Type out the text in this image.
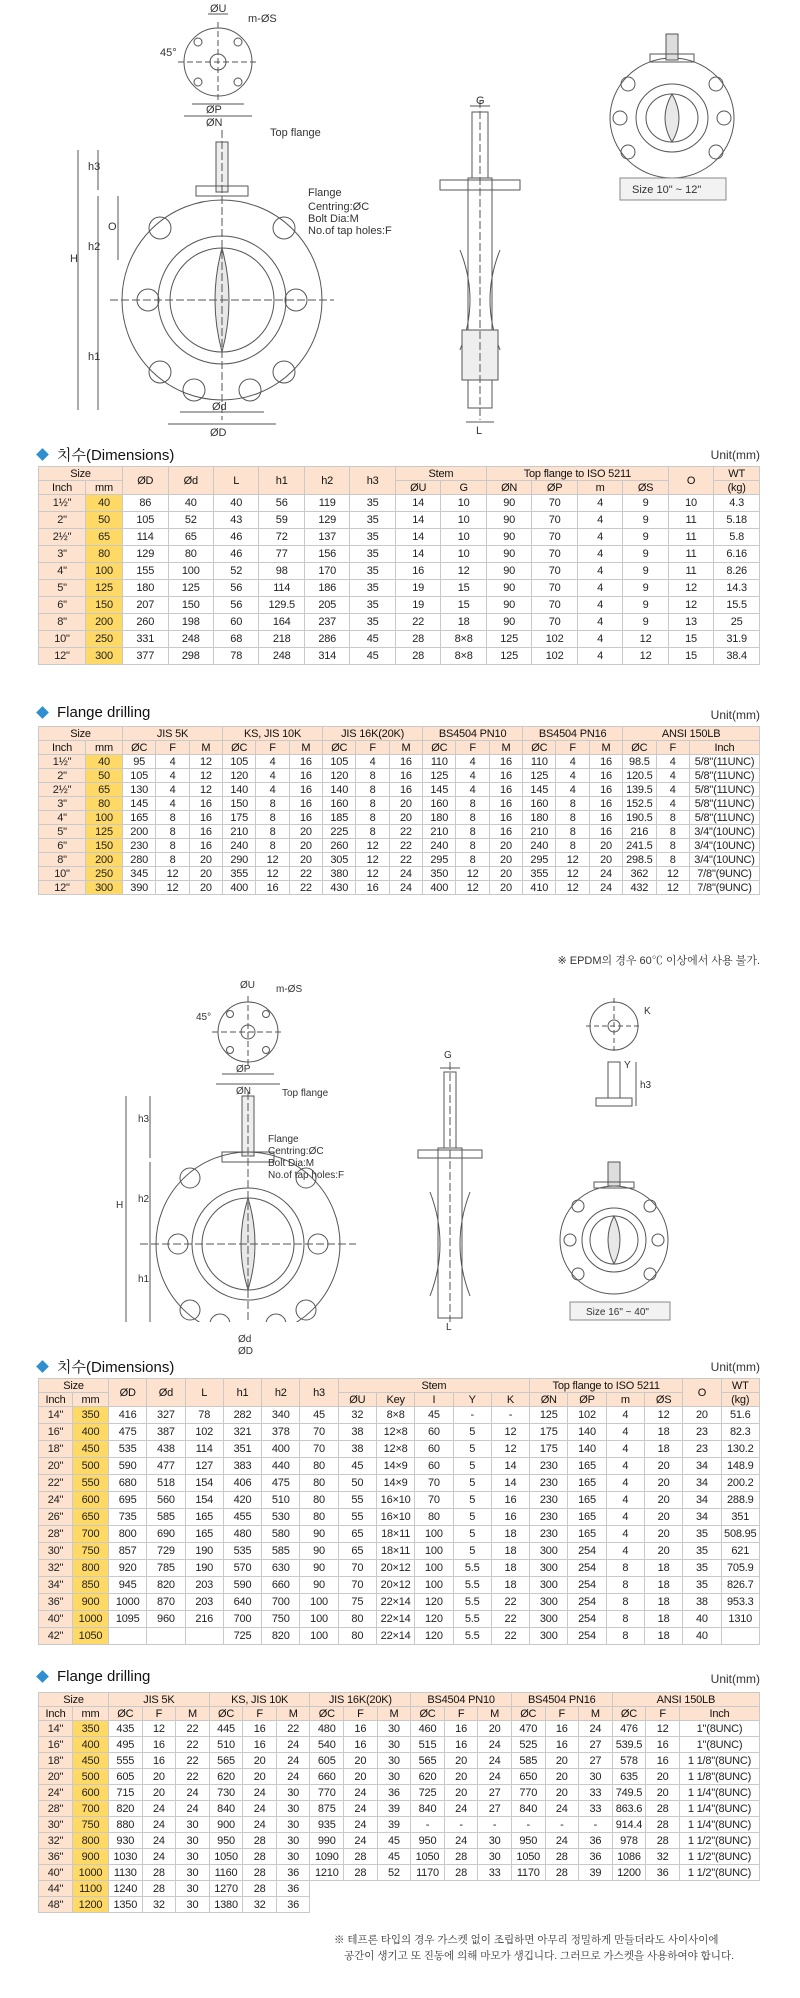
ØU
m-ØS
45°
ØP
ØN
Top flange
Flange
Centring:ØC
Bolt Dia:M
No.of tap holes:F
H
h3
h2
h1
O
Ød
ØD
G
L
Size 10" ~ 12"
치수(Dimensions)	Unit(mm)
Size		ØD	Ød	L	h1	h2	h3	Stem		Top flange to ISO 5211				O	WT
Inch	mm							ØU	G	ØN	ØP	m	ØS		(kg)
1½"	40	86	40	40	56	119	35	14	10	90	70	4	9	10	4.3
2"	50	105	52	43	59	129	35	14	10	90	70	4	9	11	5.18
2½"	65	114	65	46	72	137	35	14	10	90	70	4	9	11	5.8
3"	80	129	80	46	77	156	35	14	10	90	70	4	9	11	6.16
4"	100	155	100	52	98	170	35	16	12	90	70	4	9	11	8.26
5"	125	180	125	56	114	186	35	19	15	90	70	4	9	12	14.3
6"	150	207	150	56	129.5	205	35	19	15	90	70	4	9	12	15.5
8"	200	260	198	60	164	237	35	22	18	90	70	4	9	13	25
10"	250	331	248	68	218	286	45	28	8×8	125	102	4	12	15	31.9
12"	300	377	298	78	248	314	45	28	8×8	125	102	4	12	15	38.4
Flange drilling	Unit(mm)
Size		JIS 5K			KS, JIS 10K			JIS 16K(20K)			BS4504 PN10			BS4504 PN16			ANSI 150LB		
Inch	mm	ØC	F	M	ØC	F	M	ØC	F	M	ØC	F	M	ØC	F	M	ØC	F	Inch
1½"	40	95	4	12	105	4	16	105	4	16	110	4	16	110	4	16	98.5	4	5/8"(11UNC)
2"	50	105	4	12	120	4	16	120	8	16	125	4	16	125	4	16	120.5	4	5/8"(11UNC)
2½"	65	130	4	12	140	4	16	140	8	16	145	4	16	145	4	16	139.5	4	5/8"(11UNC)
3"	80	145	4	16	150	8	16	160	8	20	160	8	16	160	8	16	152.5	4	5/8"(11UNC)
4"	100	165	8	16	175	8	16	185	8	20	180	8	16	180	8	16	190.5	8	5/8"(11UNC)
5"	125	200	8	16	210	8	20	225	8	22	210	8	16	210	8	16	216	8	3/4"(10UNC)
6"	150	230	8	16	240	8	20	260	12	22	240	8	20	240	8	20	241.5	8	3/4"(10UNC)
8"	200	280	8	20	290	12	20	305	12	22	295	8	20	295	12	20	298.5	8	3/4"(10UNC)
10"	250	345	12	20	355	12	22	380	12	24	350	12	20	355	12	24	362	12	7/8"(9UNC)
12"	300	390	12	20	400	16	22	430	16	24	400	12	20	410	12	24	432	12	7/8"(9UNC)
※ EPDM의 경우 60℃ 이상에서 사용 불가.
ØU m-ØS
45°
ØP
ØN	Top flange
Flange
Centring:ØC
Bolt Dia:M
No.of tap holes:F
H
h3
h2
h1
G
K
Y
h3
Size 16" ~ 40"
Ød
ØD
L
치수(Dimensions)	Unit(mm)
Size		ØD	Ød	L	h1	h2	h3	Stem					Top flange to ISO 5211				O	WT
Inch	mm							ØU	Key	I	Y	K	ØN	ØP	m	ØS		(kg)
14"	350	416	327	78	282	340	45	32	8×8	45	-	-	125	102	4	12	20	51.6
16"	400	475	387	102	321	378	70	38	12×8	60	5	12	175	140	4	18	23	82.3
18"	450	535	438	114	351	400	70	38	12×8	60	5	12	175	140	4	18	23	130.2
20"	500	590	477	127	383	440	80	45	14×9	60	5	14	230	165	4	20	34	148.9
22"	550	680	518	154	406	475	80	50	14×9	70	5	14	230	165	4	20	34	200.2
24"	600	695	560	154	420	510	80	55	16×10	70	5	16	230	165	4	20	34	288.9
26"	650	735	585	165	455	530	80	55	16×10	80	5	16	230	165	4	20	34	351
28"	700	800	690	165	480	580	90	65	18×11	100	5	18	230	165	4	20	35	508.95
30"	750	857	729	190	535	585	90	65	18×11	100	5	18	300	254	4	20	35	621
32"	800	920	785	190	570	630	90	70	20×12	100	5.5	18	300	254	8	18	35	705.9
34"	850	945	820	203	590	660	90	70	20×12	100	5.5	18	300	254	8	18	35	826.7
36"	900	1000	870	203	640	700	100	75	22×14	120	5.5	22	300	254	8	18	38	953.3
40"	1000	1095	960	216	700	750	100	80	22×14	120	5.5	22	300	254	8	18	40	1310
42"	1050				725	820	100	80	22×14	120	5.5	22	300	254	8	18	40	
Flange drilling	Unit(mm)
Size		JIS 5K			KS, JIS 10K			JIS 16K(20K)			BS4504 PN10			BS4504 PN16			ANSI 150LB		
Inch	mm	ØC	F	M	ØC	F	M	ØC	F	M	ØC	F	M	ØC	F	M	ØC	F	Inch
14"	350	435	12	22	445	16	22	480	16	30	460	16	20	470	16	24	476	12	1"(8UNC)
16"	400	495	16	22	510	16	24	540	16	30	515	16	24	525	16	27	539.5	16	1"(8UNC)
18"	450	555	16	22	565	20	24	605	20	30	565	20	24	585	20	27	578	16	1 1/8"(8UNC)
20"	500	605	20	22	620	20	24	660	20	30	620	20	24	650	20	30	635	20	1 1/8"(8UNC)
24"	600	715	20	24	730	24	30	770	24	36	725	20	27	770	20	33	749.5	20	1 1/4"(8UNC)
28"	700	820	24	24	840	24	30	875	24	39	840	24	27	840	24	33	863.6	28	1 1/4"(8UNC)
30"	750	880	24	30	900	24	30	935	24	39	-	-	-	-	-	-	914.4	28	1 1/4"(8UNC)
32"	800	930	24	30	950	28	30	990	24	45	950	24	30	950	24	36	978	28	1 1/2"(8UNC)
36"	900	1030	24	30	1050	28	30	1090	28	45	1050	28	30	1050	28	36	1086	32	1 1/2"(8UNC)
40"	1000	1130	28	30	1160	28	36	1210	28	52	1170	28	33	1170	28	39	1200	36	1 1/2"(8UNC)
44"	1100	1240	28	30	1270	28	36												
48"	1200	1350	32	30	1380	32	36												
※ 테프론 타입의 경우 가스켓 없이 조립하면 아무리 정밀하게 만들더라도 사이사이에
공간이 생기고 또 진동에 의해 마모가 생깁니다. 그러므로 가스켓을 사용하여야 합니다.
